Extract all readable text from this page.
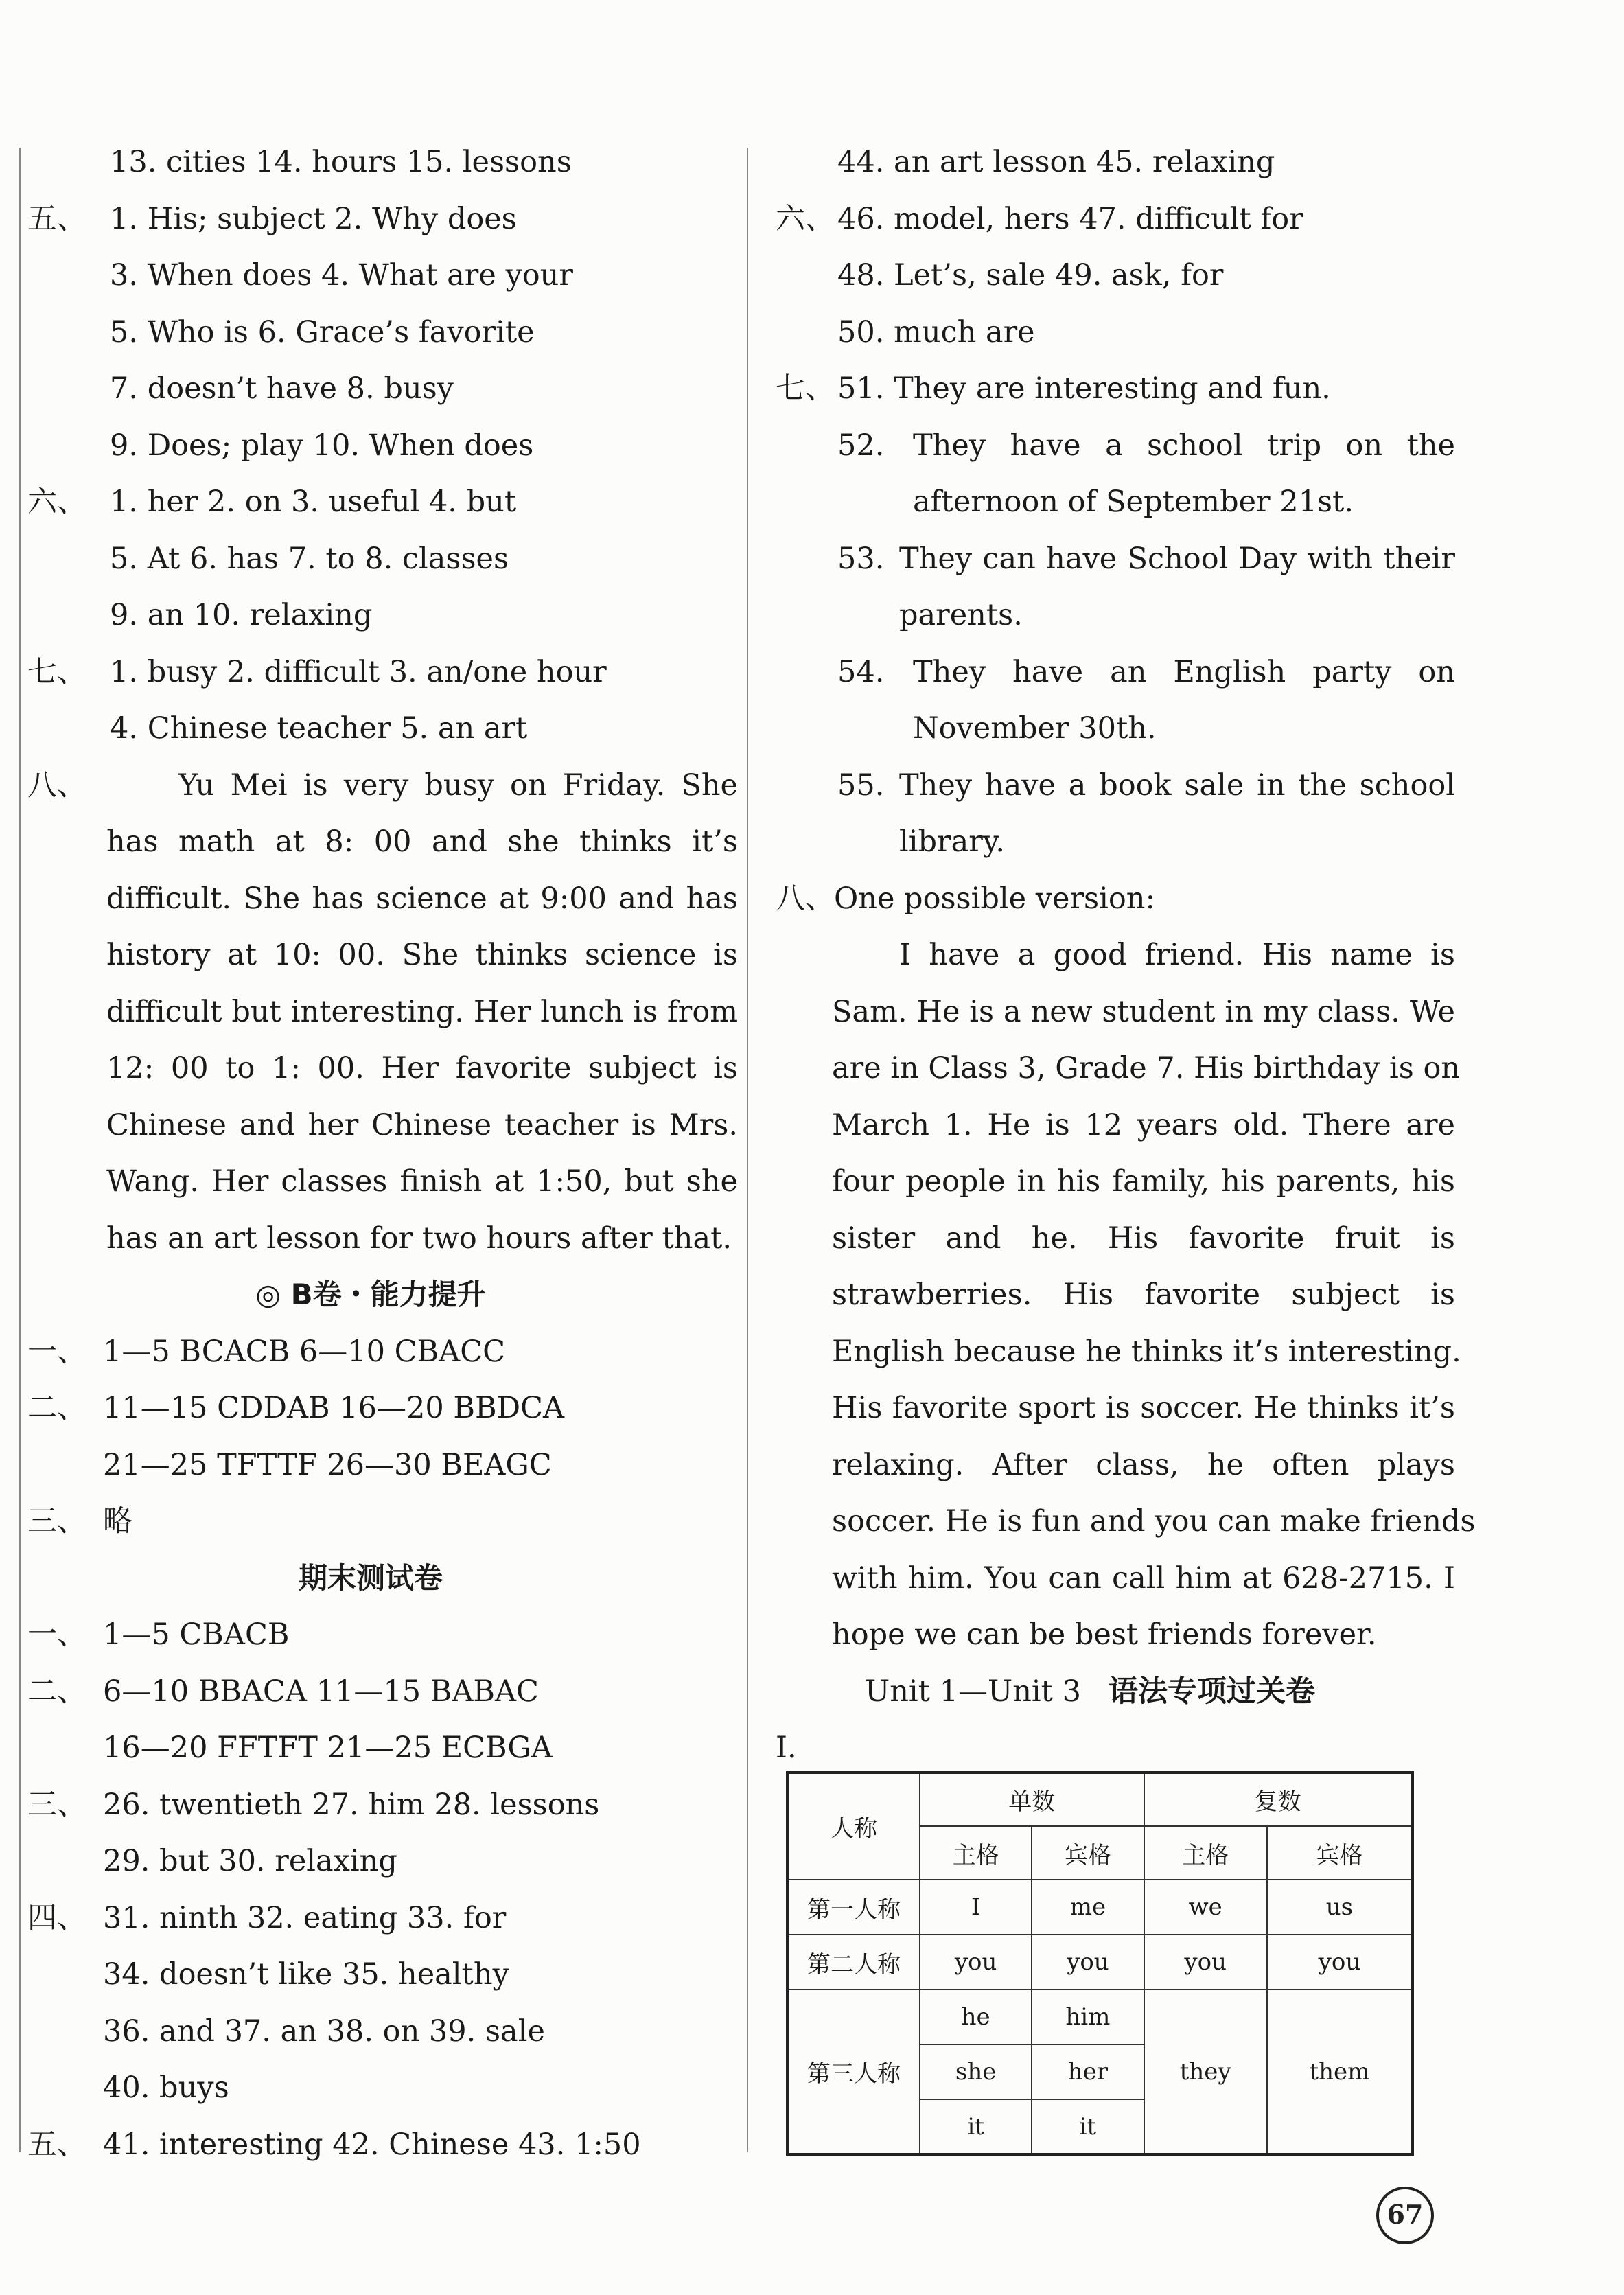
13. cities 14. hours 15. lessons
五、 1. His; subject 2. Why does
3. When does 4. What are your
5. Who is 6. Grace’s favorite
7. doesn’t have 8. busy
9. Does; play 10. When does
六、 1. her 2. on 3. useful 4. but
5. At 6. has 7. to 8. classes
9. an 10. relaxing
七、 1. busy 2. difficult 3. an/one hour
4. Chinese teacher 5. an art
八、	Yu Mei is very busy on Friday. She
has math at 8: 00 and she thinks it’s
difficult. She has science at 9:00 and has
history at 10: 00. She thinks science is
difficult but interesting. Her lunch is from
12: 00 to 1: 00. Her favorite subject is
Chinese and her Chinese teacher is Mrs.
Wang. Her classes finish at 1:50, but she
has an art lesson for two hours after that.
◎ B卷・能力提升
一、 1—5 BCACB 6—10 CBACC
二、 11—15 CDDAB 16—20 BBDCA
21—25 TFTTF 26—30 BEAGC
三、 略
期末测试卷
一、 1—5 CBACB
二、 6—10 BBACA 11—15 BABAC
16—20 FFTFT 21—25 ECBGA
三、 26. twentieth 27. him 28. lessons
29. but 30. relaxing
四、 31. ninth 32. eating 33. for
34. doesn’t like 35. healthy
36. and 37. an 38. on 39. sale
40. buys
五、 41. interesting 42. Chinese 43. 1:50
44. an art lesson 45. relaxing
六、 46. model, hers 47. difficult for
48. Let’s, sale 49. ask, for
50. much are
七、 51. They are interesting and fun.
52. They have a school trip on the
afternoon of September 21st.
53. They can have School Day with their
parents.
54. They have an English party on
November 30th.
55. They have a book sale in the school
library.
八、 One possible version:
I have a good friend. His name is
Sam. He is a new student in my class. We
are in Class 3, Grade 7. His birthday is on
March 1. He is 12 years old. There are
four people in his family, his parents, his
sister and he. His favorite fruit is
strawberries. His favorite subject is
English because he thinks it’s interesting.
His favorite sport is soccer. He thinks it’s
relaxing. After class, he often plays
soccer. He is fun and you can make friends
with him. You can call him at 628-2715. I
hope we can be best friends forever.
Unit 1—Unit 3 语法专项过关卷
Ⅰ.
人称	单数		复数	
	主格	宾格	主格	宾格
第一人称	I	me	we	us
第二人称	you	you	you	you
第三人称	he	him	they	them
	she	her		
	it	it		
67
